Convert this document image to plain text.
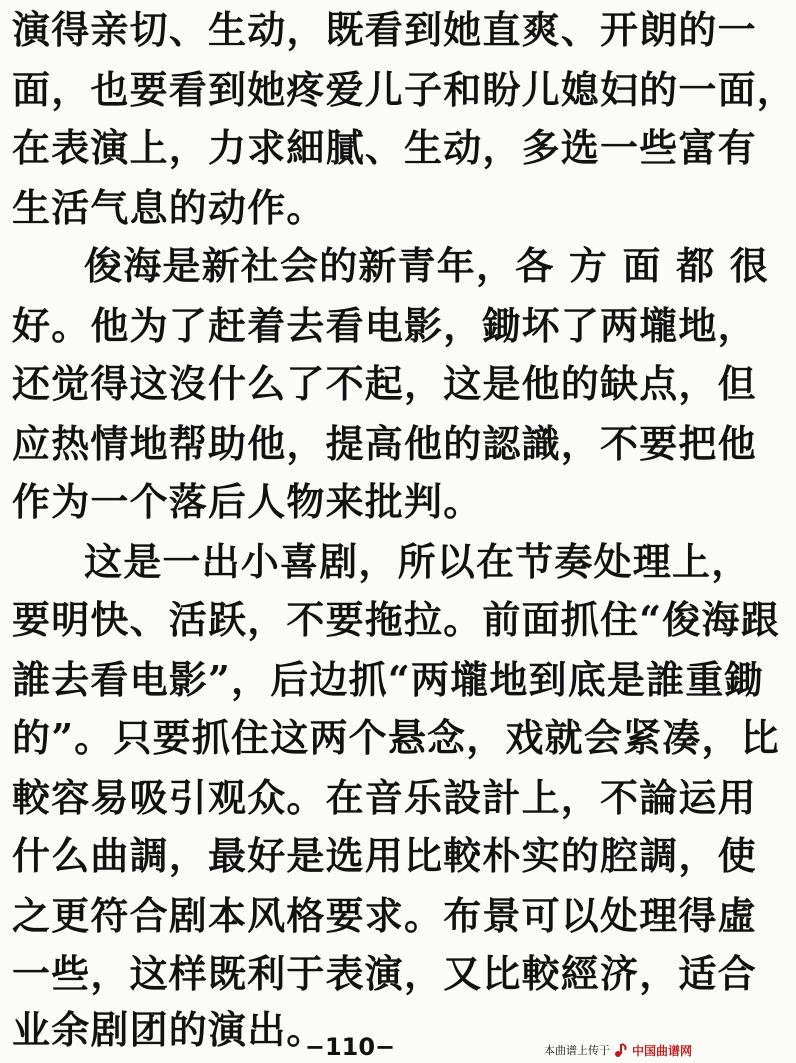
演得亲切、生动，既看到她直爽、开朗的一
面，也要看到她疼爱儿子和盼儿媳妇的一面，
在表演上，力求細膩、生动，多选一些富有
生活气息的动作。
俊海是新社会的新青年，各 方 面 都 很
好。他为了赶着去看电影，鋤坏了两壠地，
还觉得这沒什么了不起，这是他的缺点，但
应热情地帮助他，提高他的認識，不要把他
作为一个落后人物来批判。
这是一出小喜剧，所以在节奏处理上，
要明快、活跃，不要拖拉。前面抓住“俊海跟
誰去看电影”，后边抓“两壠地到底是誰重鋤
的”。只要抓住这两个悬念，戏就会紧凑，比
較容易吸引观众。在音乐設計上，不論运用
什么曲調，最好是选用比較朴实的腔調，使
之更符合剧本风格要求。布景可以处理得虛
一些，这样既利于表演，又比較經济，适合
业余剧团的演出。
−110−	本曲谱上传于 中国曲谱网
